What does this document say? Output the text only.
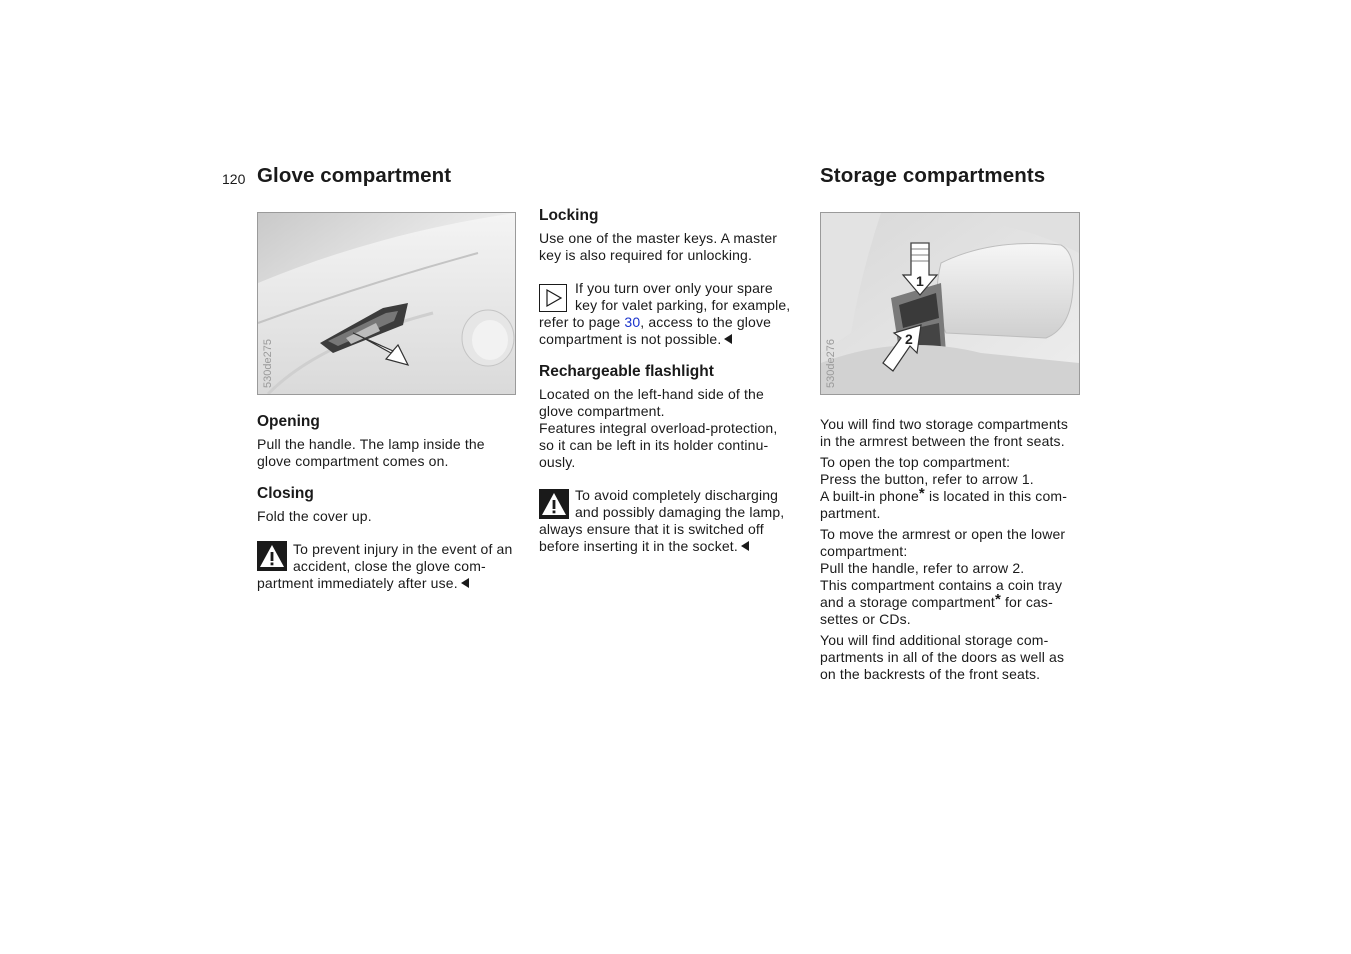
120 Glove compartment
530de275
Opening

Pull the handle. The lamp inside the
glove compartment comes on.

Closing

Fold the cover up.

To prevent injury in the event of an
accident, close the glove com-
partment immediately after use.
Locking

Use one of the master keys. A master
key is also required for unlocking.

If you turn over only your spare
key for valet parking, for example,
refer to page 30, access to the glove
compartment is not possible.
Rechargeable flashlight

Located on the left-hand side of the
glove compartment.
Features integral overload-protection,
so it can be left in its holder continu-
ously.

To avoid completely discharging
and possibly damaging the lamp,
always ensure that it is switched off
before inserting it in the socket.
Storage compartments
1
2
530de276

You will find two storage compartments
in the armrest between the front seats.

To open the top compartment:
Press the button, refer to arrow 1.
A built-in phone* is located in this com-
partment.

To move the armrest or open the lower
compartment:
Pull the handle, refer to arrow 2.
This compartment contains a coin tray
and a storage compartment* for cas-
settes or CDs.

You will find additional storage com-
partments in all of the doors as well as
on the backrests of the front seats.
